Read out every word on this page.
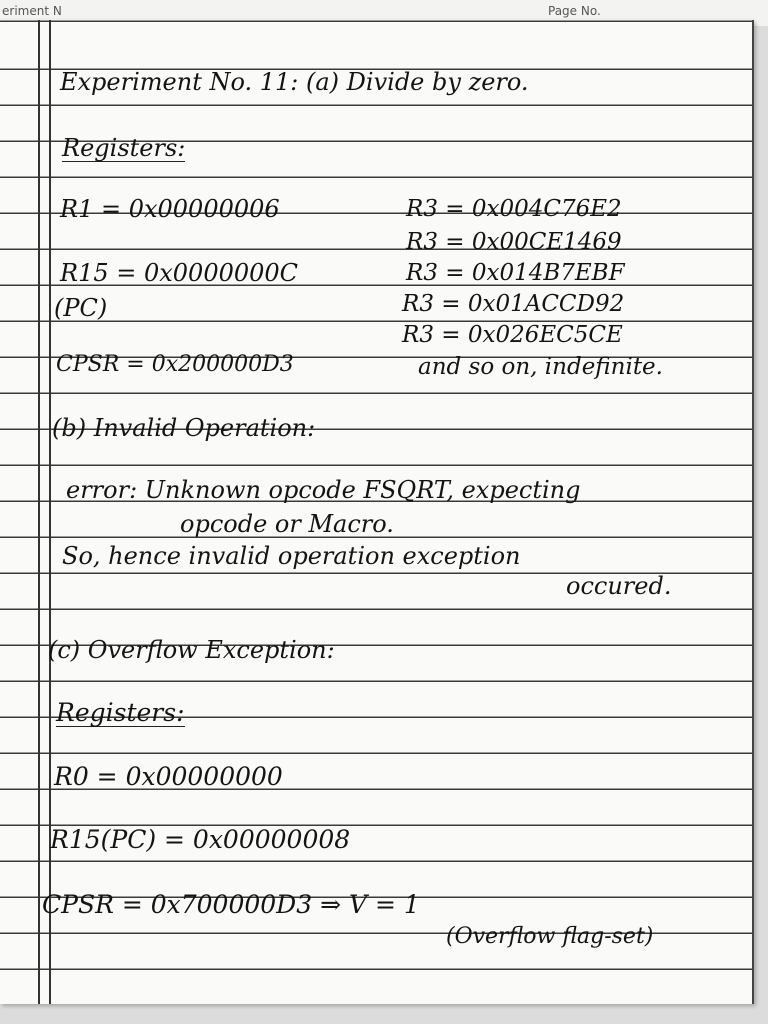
eriment N	Page No.
Experiment No. 11: (a) Divide by zero.
Registers:
R1 = 0x00000006
R15 = 0x0000000C
(PC)
CPSR = 0x200000D3
R3 = 0x004C76E2
R3 = 0x00CE1469
R3 = 0x014B7EBF
R3 = 0x01ACCD92
R3 = 0x026EC5CE
and so on, indefinite.
(b) Invalid Operation:
error: Unknown opcode FSQRT, expecting
opcode or Macro.
So, hence invalid operation exception
occured.
(c) Overflow Exception:
Registers:
R0 = 0x00000000
R15(PC) = 0x00000008
CPSR = 0x700000D3 ⇒ V = 1
(Overflow flag-set)
